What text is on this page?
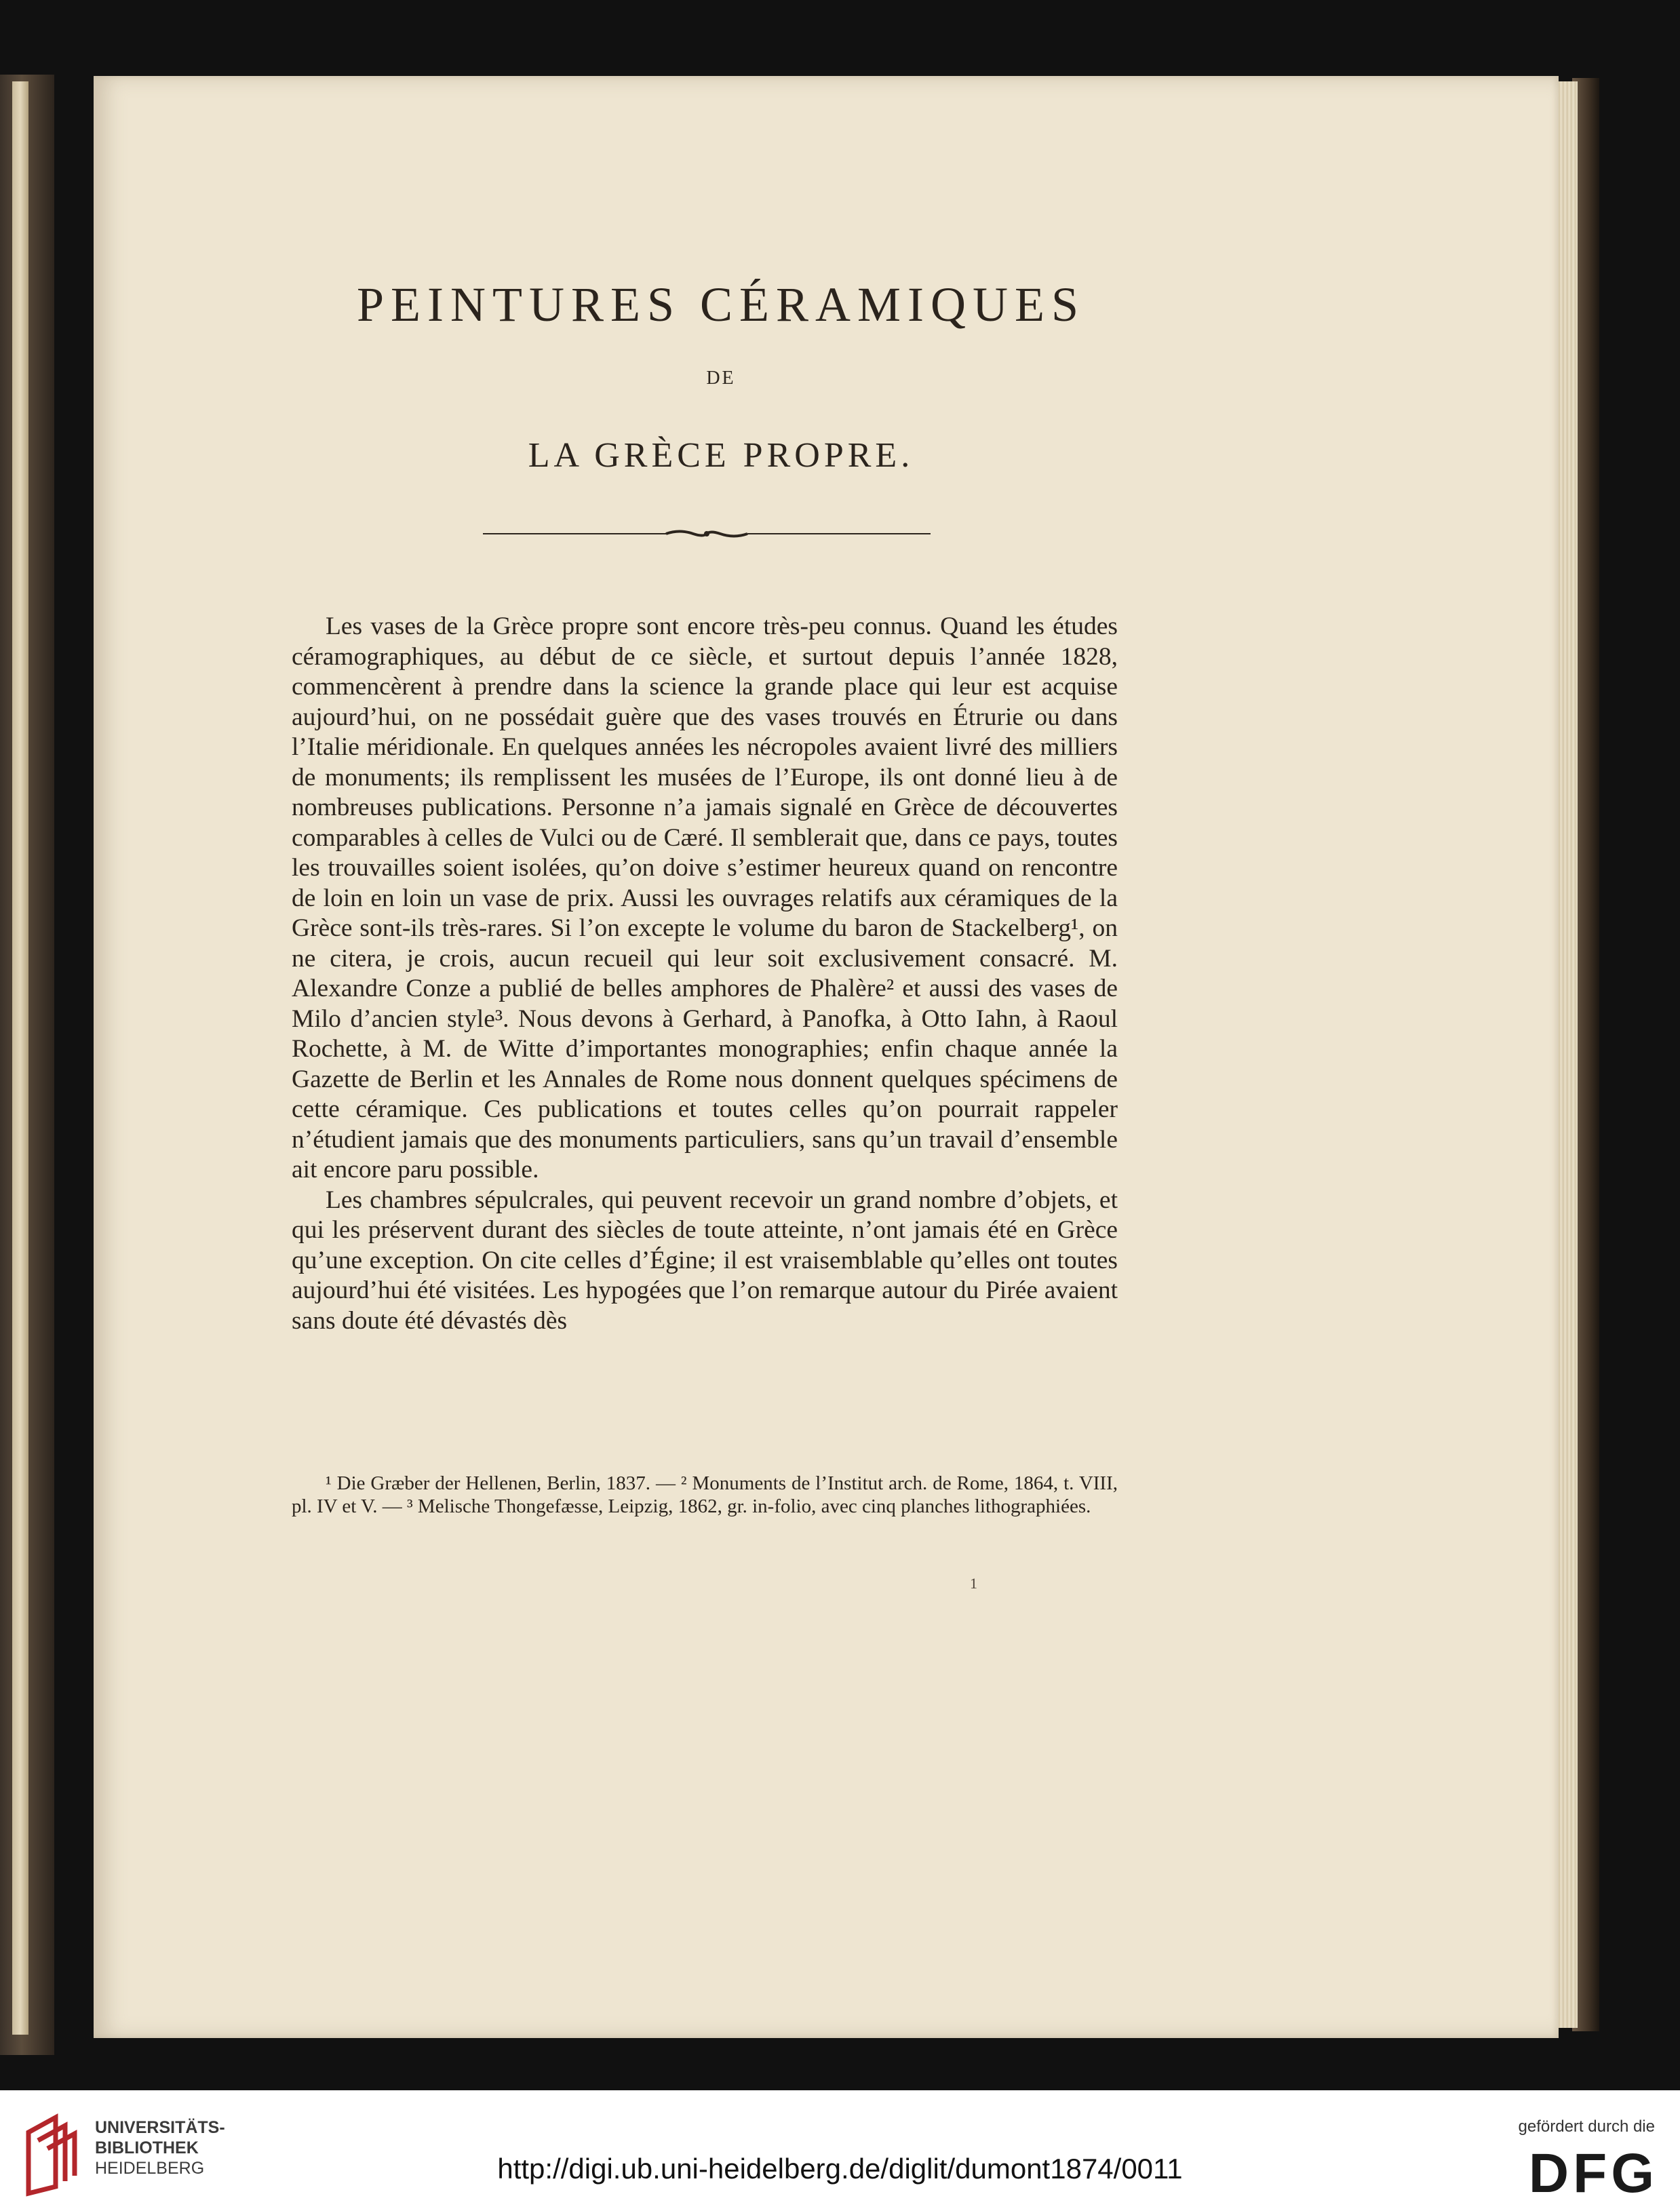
PEINTURES CÉRAMIQUES
DE
LA GRÈCE PROPRE.

Les vases de la Grèce propre sont encore très-peu connus. Quand les études céramographiques, au début de ce siècle, et surtout depuis l’année 1828, commencèrent à prendre dans la science la grande place qui leur est acquise aujourd’hui, on ne possédait guère que des vases trouvés en Étrurie ou dans l’Italie méridionale. En quelques années les nécropoles avaient livré des milliers de monuments; ils remplissent les musées de l’Europe, ils ont donné lieu à de nombreuses publications. Personne n’a jamais signalé en Grèce de découvertes comparables à celles de Vulci ou de Cæré. Il semblerait que, dans ce pays, toutes les trouvailles soient isolées, qu’on doive s’estimer heureux quand on rencontre de loin en loin un vase de prix. Aussi les ouvrages relatifs aux céramiques de la Grèce sont-ils très-rares. Si l’on excepte le volume du baron de Stackelberg¹, on ne citera, je crois, aucun recueil qui leur soit exclusivement consacré. M. Alexandre Conze a publié de belles amphores de Phalère² et aussi des vases de Milo d’ancien style³. Nous devons à Gerhard, à Panofka, à Otto Iahn, à Raoul Rochette, à M. de Witte d’importantes monographies; enfin chaque année la Gazette de Berlin et les Annales de Rome nous donnent quelques spécimens de cette céramique. Ces publications et toutes celles qu’on pourrait rappeler n’étudient jamais que des monuments particuliers, sans qu’un travail d’ensemble ait encore paru possible.

Les chambres sépulcrales, qui peuvent recevoir un grand nombre d’objets, et qui les préservent durant des siècles de toute atteinte, n’ont jamais été en Grèce qu’une exception. On cite celles d’Égine; il est vraisemblable qu’elles ont toutes aujourd’hui été visitées. Les hypogées que l’on remarque autour du Pirée avaient sans doute été dévastés dès

¹ Die Græber der Hellenen, Berlin, 1837. — ² Monuments de l’Institut arch. de Rome, 1864, t. VIII, pl. IV et V. — ³ Melische Thongefæsse, Leipzig, 1862, gr. in-folio, avec cinq planches lithographiées.

1
UNIVERSITÄTS-
BIBLIOTHEK
HEIDELBERG	http://digi.ub.uni-heidelberg.de/diglit/dumont1874/0011
gefördert durch die
DFG
